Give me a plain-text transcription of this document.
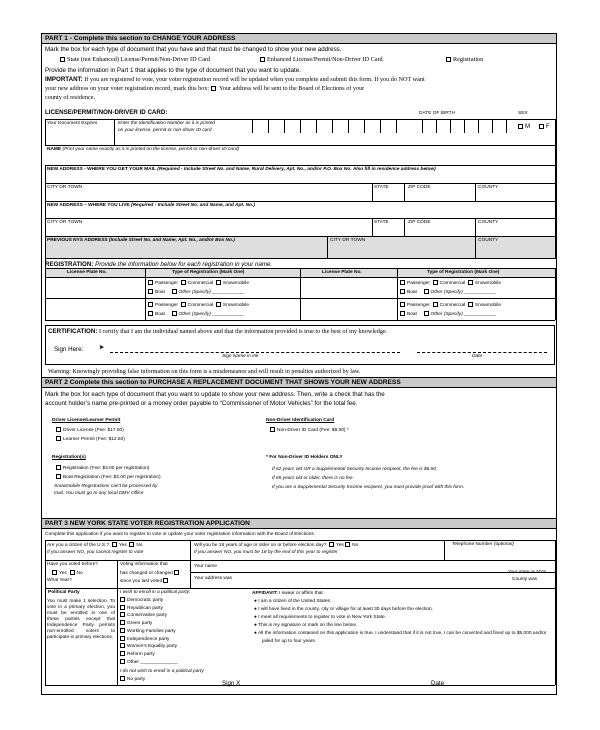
PART 1 - Complete this section to CHANGE YOUR ADDRESS
Mark the box for each type of document that you have and that must be changed to show your new address.
State (not Enhanced) License/Permit/Non-Driver ID Card	Enhanced License/Permit/Non-Driver ID Card	Registration
Provide the information in Part 1 that applies to the type of document that you want to update.
IMPORTANT: If you are registered to vote, your voter registration record will be updated when you complete and submit this form. If you do NOT want
your new address on your voter registration record, mark this box:  Your address will be sent to the Board of Elections of your
county of residence.
LICENSE/PERMIT/NON-DRIVER ID CARD:	DATE OF BIRTH	SEX
Your Document Expires	Enter the Identification Number as it is printed
on your license, permit or non-driver ID card
M	F
NAME (Print your name exactly as it is printed on the license, permit or non-driver ID card)
NEW ADDRESS - WHERE YOU GET YOUR MAIL (Required - Include Street No. and Name, Rural Delivery, Apt. No., and/or P.O. Box No. Also fill in residence address below)
CITY OR TOWN	STATE	ZIP CODE	COUNTY
NEW ADDRESS – WHERE YOU LIVE (Required - Include Street No. and Name, and Apt. No.)
CITY OR TOWN	STATE	ZIP CODE	COUNTY
PREVIOUS NYS ADDRESS (Include Street No. and Name, Apt. No., and/or Box No.)	CITY OR TOWN	COUNTY
REGISTRATION: Provide the information below for each registration in your name.
License Plate No.	Type of Registration (Mark One)	License Plate No.	Type of Registration (Mark One)
Passenger Commercial Snowmobile
Boat	Other (Specify) ____________
Passenger Commercial Snowmobile
Boat	Other (Specify) ____________
Passenger Commercial Snowmobile
Boat	Other (Specify) ____________
Passenger Commercial Snowmobile
Boat	Other (Specify) ____________
CERTIFICATION: I certify that I am the individual named above and that the information provided is true to the best of my knowledge.
Sign Here:	➤
Sign Name in Ink	Date
Warning: Knowingly providing false information on this form is a misdemeanor and will result in penalties authorized by law.
PART 2 Complete this section to PURCHASE A REPLACEMENT DOCUMENT THAT SHOWS YOUR NEW ADDRESS
Mark the box for each type of document that you want to update to show your new address. Then, write a check that has the
account holder’s name pre-printed or a money order payable to “Commissioner of Motor Vehicles” for the total fee.
Driver License/Learner Permit
Driver License (Fee: $17.50)
Learner Permit (Fee: $12.50)
Non-Driver Identification Card
Non-Driver ID Card (Fee: $8.00) *
Registration(s)
Registration (Fee: $3.00 per registration)
Boat Registration (Fee: $2.00 per registration)
Snowmobile Registrations can’t be processed by
mail. You must go to any local DMV Office
* For Non-Driver ID Holders ONLY
If 62 years old OR a Supplemental Security Income recipient, the fee is $6.50.
If 65 years old or older, there is no fee.
If you are a Supplemental Security Income recipient, you must provide proof with this form.
PART 3 NEW YORK STATE VOTER REGISTRATION APPLICATION
Complete this application if you want to register to vote or update your voter registration information with the Board of Elections.
Are you a citizen of the U.S.? Yes No
If you answer NO, you cannot register to vote
Will you be 18 years of age or older on or before election day? Yes No
If you answer NO, you must be 18 by the end of this year to register
Telephone Number (optional)
Have you voted before?
Yes No
What Year?
Voting information that
has changed or changed
since you last voted
Your name
Your address was
Your state or NYS
County was
Political Party
You must make 1 selection. To vote in a primary election, you must be enrolled in one of these parties except that Independence Party permits non-enrolled voters to participate in primary elections.
I wish to enroll in a political party:
Democratic party
Republican party
Conservative party
Green party
Working Families party
Independence party
Women's Equality party
Reform party
Other ______________
I do not wish to enroll in a political party
No party
AFFIDAVIT: I swear or affirm that
● I am a citizen of the United States.
● I will have lived in the county, city or village for at least 30 days before the election.
● I meet all requirements to register to vote in New York State.
● This is my signature or mark on the line below.
● All the information contained on this application is true. I understand that if it is not true, I can be convicted and fined up to $5,000 and/or
jailed for up to four years.
Sign X	Date
